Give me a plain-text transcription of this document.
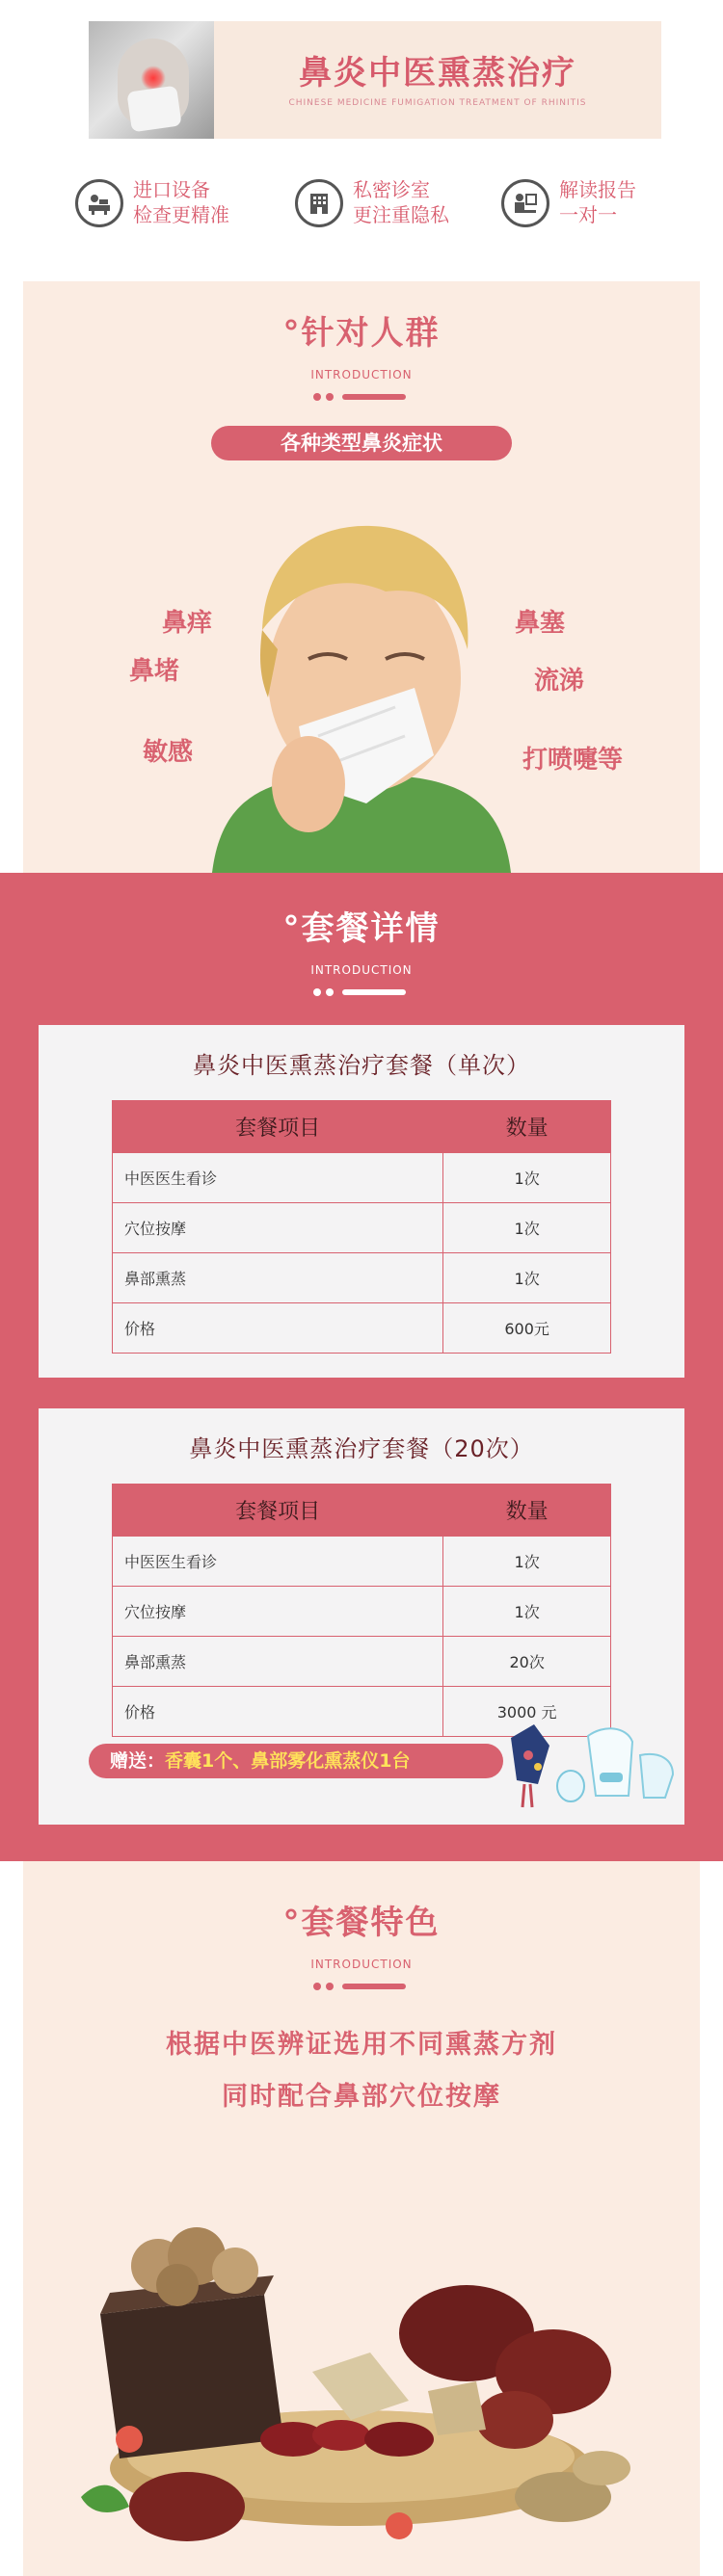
鼻炎中医熏蒸治疗
CHINESE MEDICINE FUMIGATION TREATMENT OF RHINITIS
进口设备
检查更精准
私密诊室
更注重隐私
解读报告
一对一
°针对人群
INTRODUCTION
各种类型鼻炎症状
鼻痒	鼻塞
鼻堵	流涕
敏感	打喷嚏等
°套餐详情
INTRODUCTION
鼻炎中医熏蒸治疗套餐（单次）
套餐项目	数量
中医医生看诊	1次
穴位按摩	1次
鼻部熏蒸	1次
价格	600元
鼻炎中医熏蒸治疗套餐（20次）
套餐项目	数量
中医医生看诊	1次
穴位按摩	1次
鼻部熏蒸	20次
价格	3000 元
赠送：香囊1个、鼻部雾化熏蒸仪1台
°套餐特色
INTRODUCTION
根据中医辨证选用不同熏蒸方剂
同时配合鼻部穴位按摩
